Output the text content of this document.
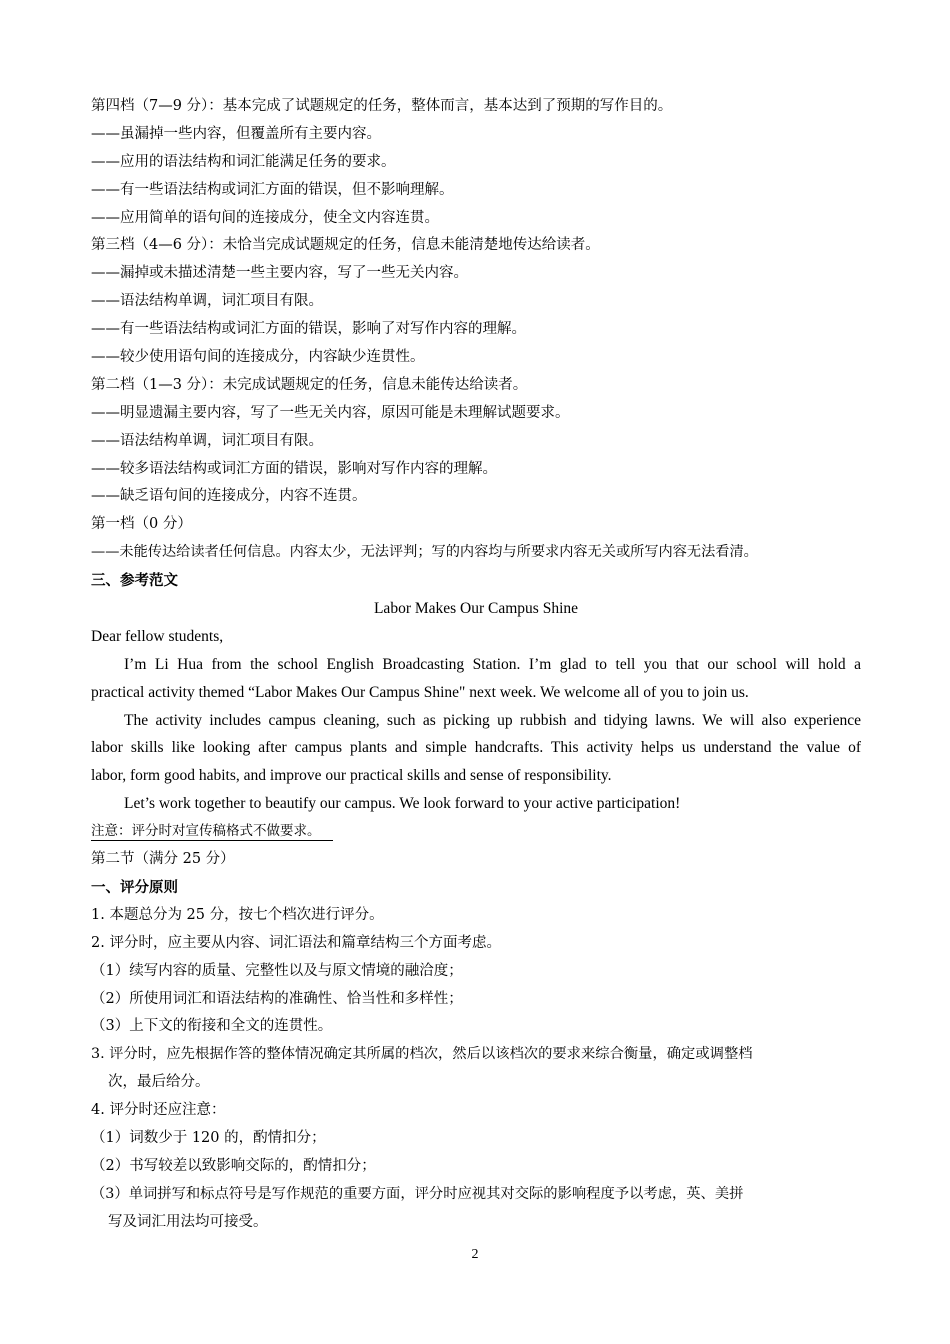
第四档（7—9 分）：基本完成了试题规定的任务，整体而言，基本达到了预期的写作目的。
——虽漏掉一些内容，但覆盖所有主要内容。
——应用的语法结构和词汇能满足任务的要求。
——有一些语法结构或词汇方面的错误，但不影响理解。
——应用简单的语句间的连接成分，使全文内容连贯。
第三档（4—6 分）：未恰当完成试题规定的任务，信息未能清楚地传达给读者。
——漏掉或未描述清楚一些主要内容，写了一些无关内容。
——语法结构单调，词汇项目有限。
——有一些语法结构或词汇方面的错误，影响了对写作内容的理解。
——较少使用语句间的连接成分，内容缺少连贯性。
第二档（1—3 分）：未完成试题规定的任务，信息未能传达给读者。
——明显遗漏主要内容，写了一些无关内容，原因可能是未理解试题要求。
——语法结构单调，词汇项目有限。
——较多语法结构或词汇方面的错误，影响对写作内容的理解。
——缺乏语句间的连接成分，内容不连贯。
第一档（0 分）
——未能传达给读者任何信息。内容太少，无法评判；写的内容均与所要求内容无关或所写内容无法看清。
三、参考范文
Labor Makes Our Campus Shine
Dear fellow students,
I’m Li Hua from the school English Broadcasting Station. I’m glad to tell you that our school will hold a
practical activity themed “Labor Makes Our Campus Shine" next week. We welcome all of you to join us.
The activity includes campus cleaning, such as picking up rubbish and tidying lawns. We will also experience
labor skills like looking after campus plants and simple handcrafts. This activity helps us understand the value of
labor, form good habits, and improve our practical skills and sense of responsibility.
Let’s work together to beautify our campus. We look forward to your active participation!
注意：评分时对宣传稿格式不做要求。
第二节（满分 25 分）
一、评分原则
1. 本题总分为 25 分，按七个档次进行评分。
2. 评分时，应主要从内容、词汇语法和篇章结构三个方面考虑。
（1）续写内容的质量、完整性以及与原文情境的融洽度；
（2）所使用词汇和语法结构的准确性、恰当性和多样性；
（3）上下文的衔接和全文的连贯性。
3. 评分时，应先根据作答的整体情况确定其所属的档次，然后以该档次的要求来综合衡量，确定或调整档
次，最后给分。
4. 评分时还应注意：
（1）词数少于 120 的，酌情扣分；
（2）书写较差以致影响交际的，酌情扣分；
（3）单词拼写和标点符号是写作规范的重要方面，评分时应视其对交际的影响程度予以考虑，英、美拼
写及词汇用法均可接受。
2
